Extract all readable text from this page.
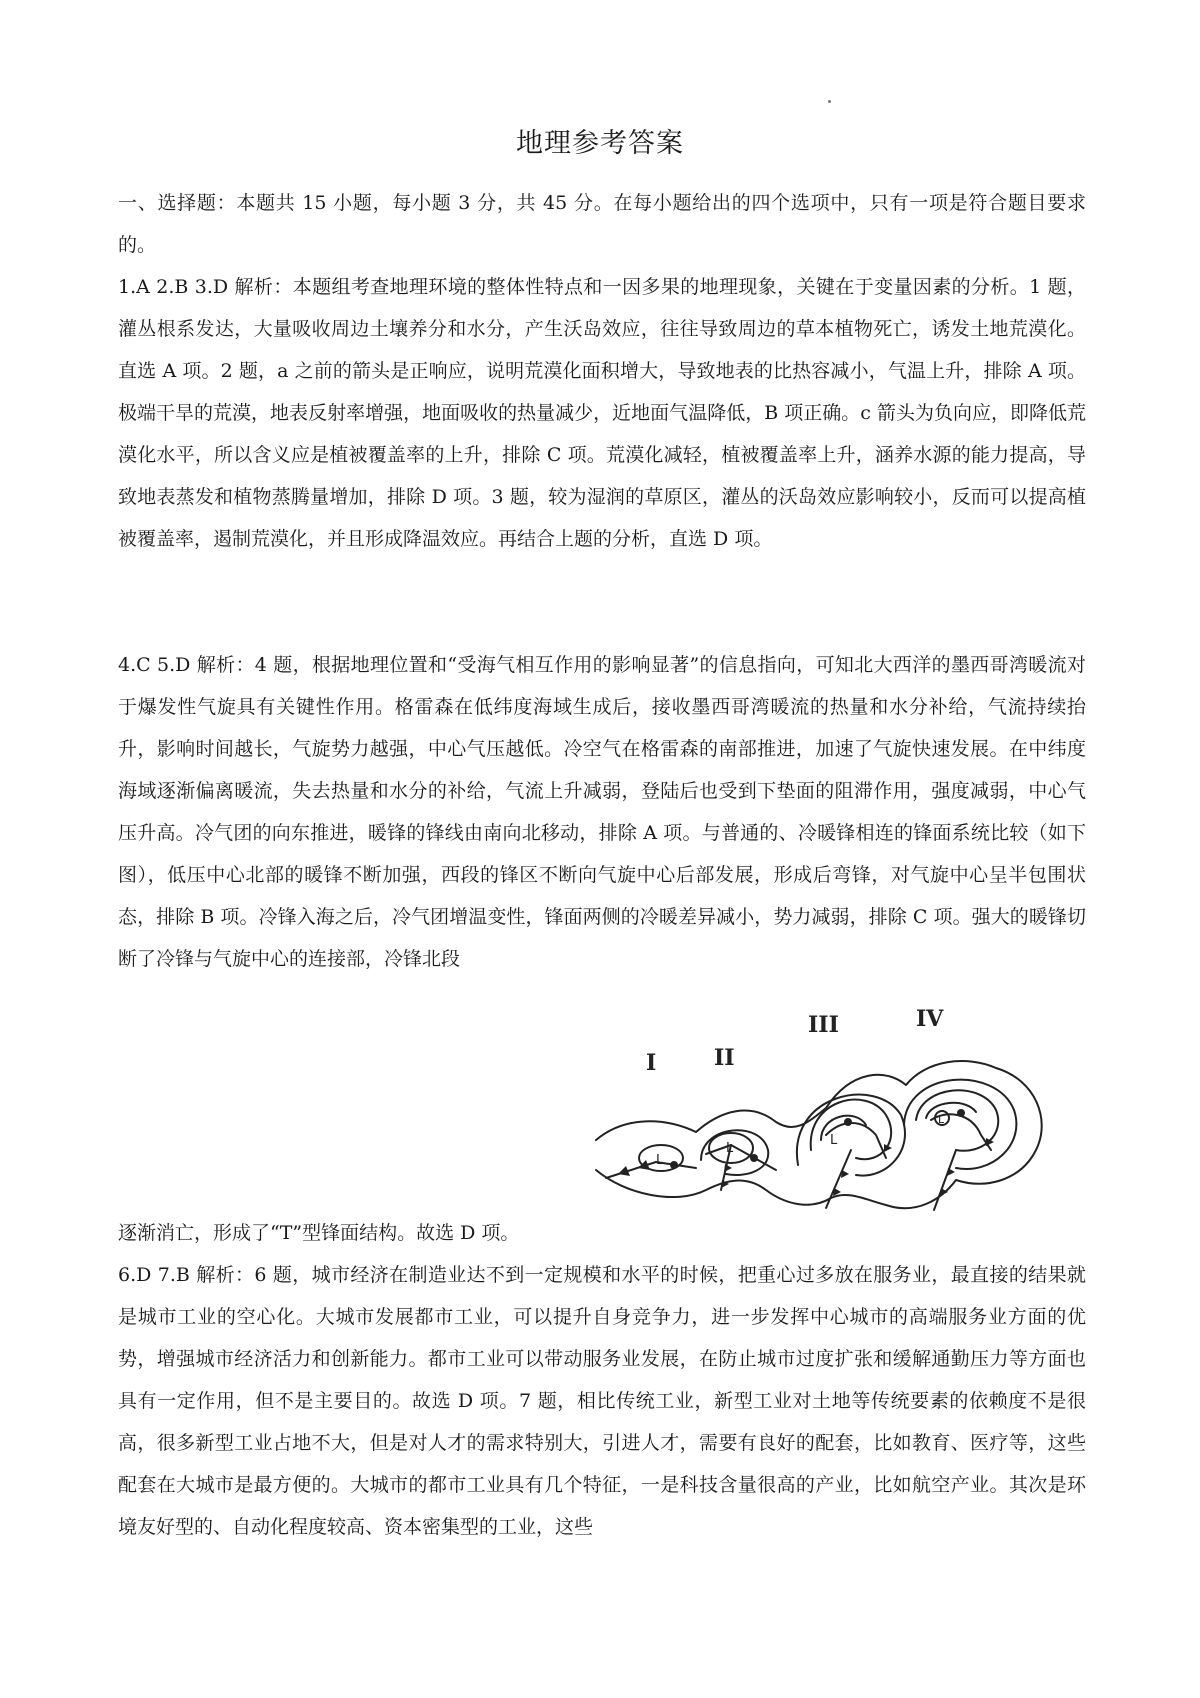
地理参考答案

一、选择题：本题共 15 小题，每小题 3 分，共 45 分。在每小题给出的四个选项中，只有一项是符合题目要求的。

1.A 2.B 3.D 解析：本题组考查地理环境的整体性特点和一因多果的地理现象，关键在于变量因素的分析。1 题，灌丛根系发达，大量吸收周边土壤养分和水分，产生沃岛效应，往往导致周边的草本植物死亡，诱发土地荒漠化。直选 A 项。2 题，a 之前的箭头是正响应，说明荒漠化面积增大，导致地表的比热容减小，气温上升，排除 A 项。极端干旱的荒漠，地表反射率增强，地面吸收的热量减少，近地面气温降低，B 项正确。c 箭头为负向应，即降低荒漠化水平，所以含义应是植被覆盖率的上升，排除 C 项。荒漠化减轻，植被覆盖率上升，涵养水源的能力提高，导致地表蒸发和植物蒸腾量增加，排除 D 项。3 题，较为湿润的草原区，灌丛的沃岛效应影响较小，反而可以提高植被覆盖率，遏制荒漠化，并且形成降温效应。再结合上题的分析，直选 D 项。

4.C 5.D 解析：4 题，根据地理位置和“受海气相互作用的影响显著”的信息指向，可知北大西洋的墨西哥湾暖流对于爆发性气旋具有关键性作用。格雷森在低纬度海域生成后，接收墨西哥湾暖流的热量和水分补给，气流持续抬升，影响时间越长，气旋势力越强，中心气压越低。冷空气在格雷森的南部推进，加速了气旋快速发展。在中纬度海域逐渐偏离暖流，失去热量和水分的补给，气流上升减弱，登陆后也受到下垫面的阻滞作用，强度减弱，中心气压升高。冷气团的向东推进，暖锋的锋线由南向北移动，排除 A 项。与普通的、冷暖锋相连的锋面系统比较（如下图），低压中心北部的暖锋不断加强，西段的锋区不断向气旋中心后部发展，形成后弯锋，对气旋中心呈半包围状态，排除 B 项。冷锋入海之后，冷气团增温变性，锋面两侧的冷暖差异减小，势力减弱，排除 C 项。强大的暖锋切断了冷锋与气旋中心的连接部，冷锋北段

L
L
L
L
I	II
III	IV
逐渐消亡，形成了“T”型锋面结构。故选 D 项。

6.D 7.B 解析：6 题，城市经济在制造业达不到一定规模和水平的时候，把重心过多放在服务业，最直接的结果就是城市工业的空心化。大城市发展都市工业，可以提升自身竞争力，进一步发挥中心城市的高端服务业方面的优势，增强城市经济活力和创新能力。都市工业可以带动服务业发展，在防止城市过度扩张和缓解通勤压力等方面也具有一定作用，但不是主要目的。故选 D 项。7 题，相比传统工业，新型工业对土地等传统要素的依赖度不是很高，很多新型工业占地不大，但是对人才的需求特别大，引进人才，需要有良好的配套，比如教育、医疗等，这些配套在大城市是最方便的。大城市的都市工业具有几个特征，一是科技含量很高的产业，比如航空产业。其次是环境友好型的、自动化程度较高、资本密集型的工业，这些
